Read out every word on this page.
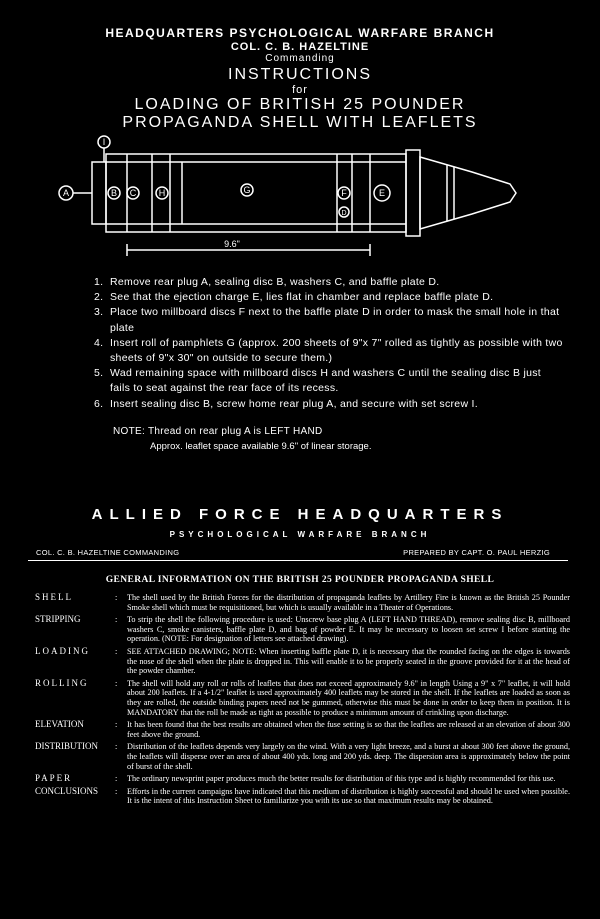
HEADQUARTERS PSYCHOLOGICAL WARFARE BRANCH
COL. C. B. HAZELTINE
Commanding
INSTRUCTIONS
for
LOADING OF BRITISH 25 POUNDER
PROPAGANDA SHELL WITH LEAFLETS
I
A	B C	H	G	F
D
E
9.6"
1. Remove rear plug A, sealing disc B, washers C, and baffle plate D.
2. See that the ejection charge E, lies flat in chamber and replace baffle plate D.
3. Place two millboard discs F next to the baffle plate D in order to mask the small hole in that plate
4. Insert roll of pamphlets G (approx. 200 sheets of 9"x 7" rolled as tightly as possible with two sheets of 9"x 30" on outside to secure them.)
5. Wad remaining space with millboard discs H and washers C until the sealing disc B just fails to seat against the rear face of its recess.
6. Insert sealing disc B, screw home rear plug A, and secure with set screw I.
NOTE: Thread on rear plug A is LEFT HAND
Approx. leaflet space available 9.6" of linear storage.
ALLIED FORCE HEADQUARTERS
PSYCHOLOGICAL WARFARE BRANCH
COL. C. B. HAZELTINE COMMANDING	PREPARED BY CAPT. O. PAUL HERZIG
GENERAL INFORMATION ON THE BRITISH 25 POUNDER PROPAGANDA SHELL
SHELL	:	The shell used by the British Forces for the distribution of propaganda leaflets by Artillery Fire is known as the British 25 Pounder Smoke shell which must be requisitioned, but which is usually available in a Theater of Operations.
STRIPPING	:	To strip the shell the following procedure is used: Unscrew base plug A (LEFT HAND THREAD), remove sealing disc B, millboard washers C, smoke canisters, baffle plate D, and bag of powder E. It may be necessary to loosen set screw I before starting the operation. (NOTE: For designation of letters see attached drawing).
LOADING	:	SEE ATTACHED DRAWING; NOTE: When inserting baffle plate D, it is necessary that the rounded facing on the edges is towards the nose of the shell when the plate is dropped in. This will enable it to be properly seated in the groove provided for it at the head of the powder chamber.
ROLLING	:	The shell will hold any roll or rolls of leaflets that does not exceed approximately 9.6" in length Using a 9" x 7" leaflet, it will hold about 200 leaflets. If a 4-1/2" leaflet is used approximately 400 leaflets may be stored in the shell. If the leaflets are loaded as soon as they are rolled, the outside binding papers need not be gummed, otherwise this must be done in order to keep them in position. It is MANDATORY that the roll be made as tight as possible to produce a minimum amount of crinkling upon discharge.
ELEVATION	:	It has been found that the best results are obtained when the fuse setting is so that the leaflets are released at an elevation of about 300 feet above the ground.
DISTRIBUTION	:	Distribution of the leaflets depends very largely on the wind. With a very light breeze, and a burst at about 300 feet above the ground, the leaflets will disperse over an area of about 400 yds. long and 200 yds. deep. The dispersion area is approximately below the point of burst of the shell.
PAPER	:	The ordinary newsprint paper produces much the better results for distribution of this type and is highly recommended for this use.
CONCLUSIONS	:	Efforts in the current campaigns have indicated that this medium of distribution is highly successful and should be used when possible. It is the intent of this Instruction Sheet to familiarize you with its use so that maximum results may be obtained.
